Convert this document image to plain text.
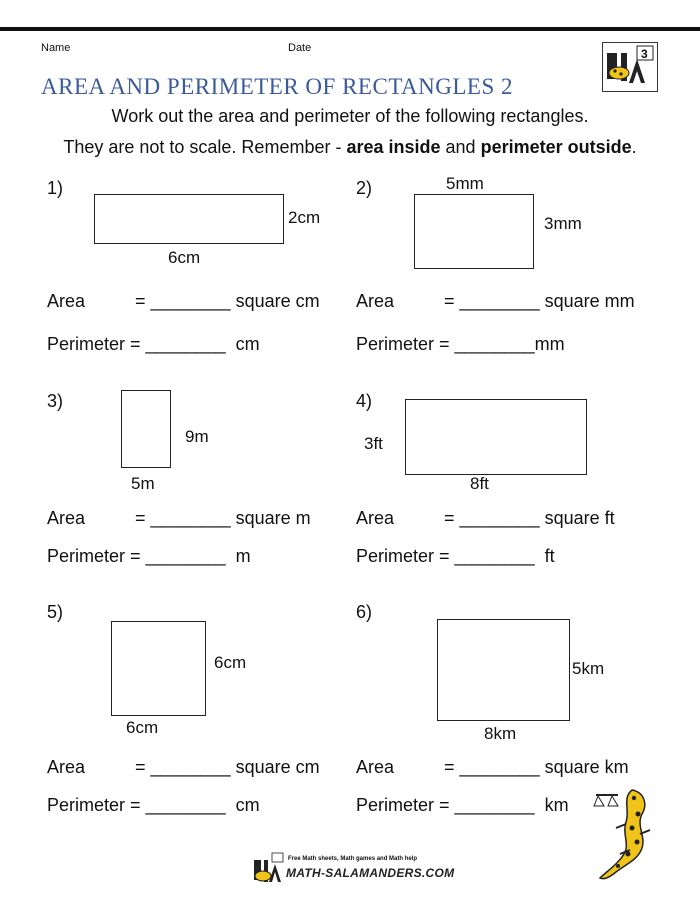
Name	Date	3
AREA AND PERIMETER OF RECTANGLES 2
Work out the area and perimeter of the following rectangles.
They are not to scale. Remember - area inside and perimeter outside.
1)
2cm
6cm
Area          = ________ square cm
Perimeter = ________  cm
2)	5mm
3mm
Area          = ________ square mm
Perimeter = ________mm
3)
9m
5m
Area          = ________ square m
Perimeter = ________  m
4)
3ft
8ft
Area          = ________ square ft
Perimeter = ________  ft
5)
6cm
6cm
Area          = ________ square cm
Perimeter = ________  cm
6)
5km
8km
Area          = ________ square km
Perimeter = ________  km
Free Math sheets, Math games and Math help
MATH-SALAMANDERS.COM
